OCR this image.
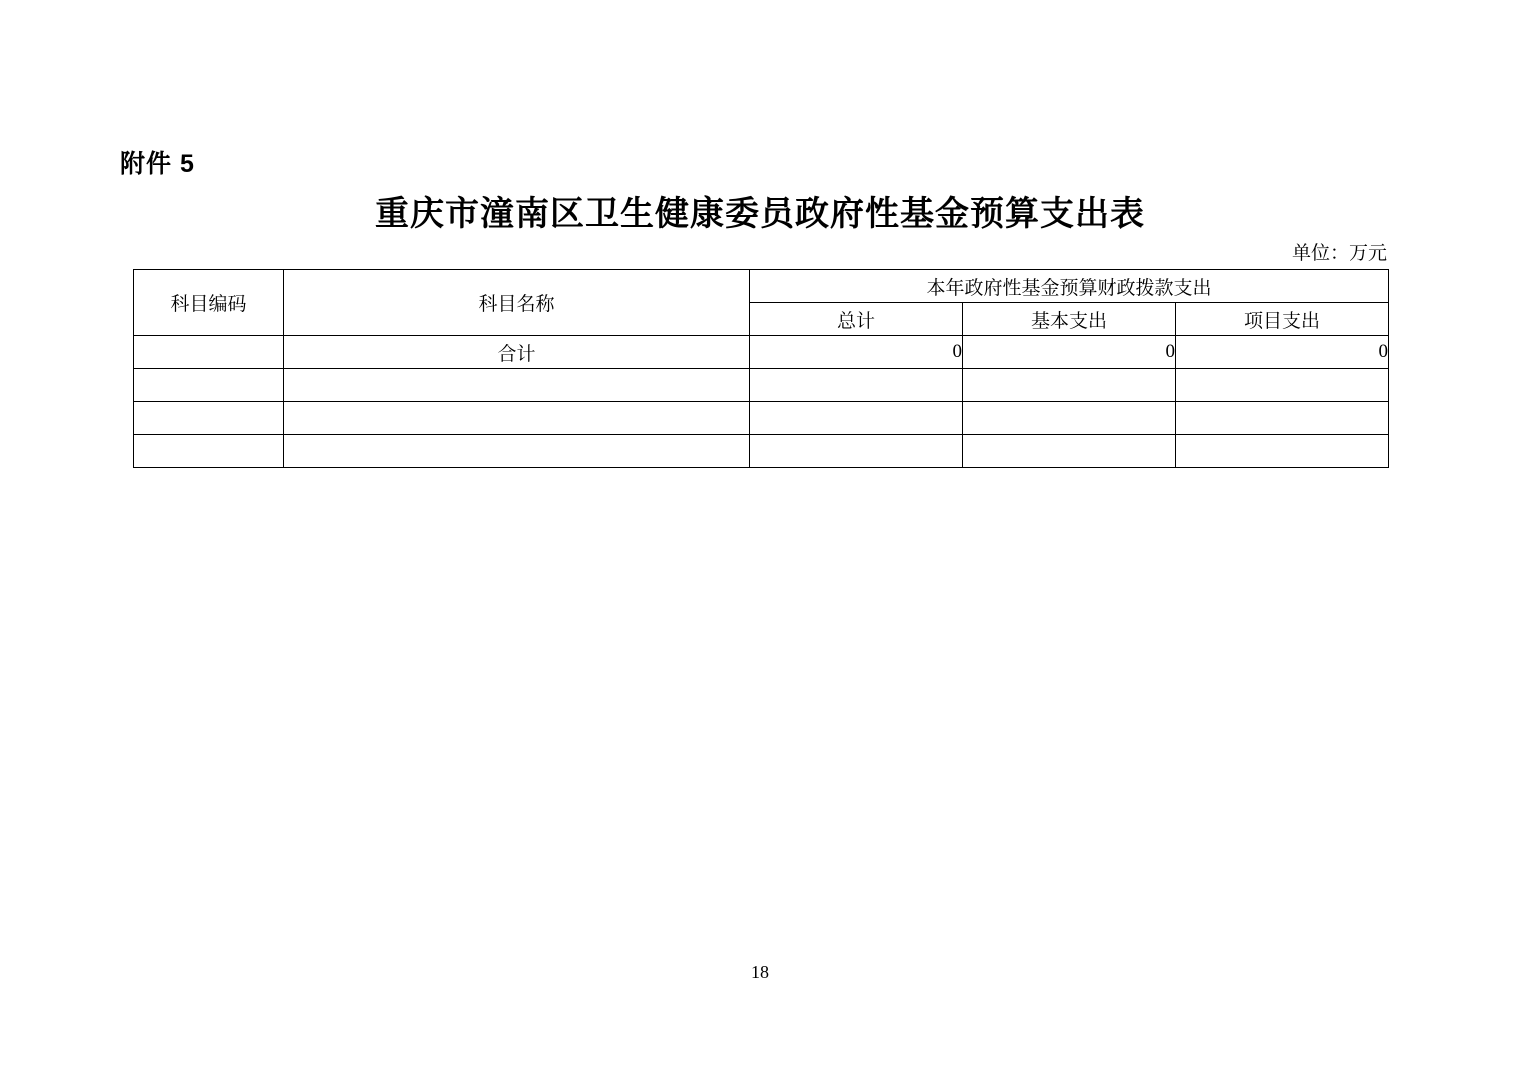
附件 5
重庆市潼南区卫生健康委员政府性基金预算支出表
单位：万元
科目编码	科目名称	本年政府性基金预算财政拨款支出		
		总计	基本支出	项目支出
	合计	0	0	0

18
